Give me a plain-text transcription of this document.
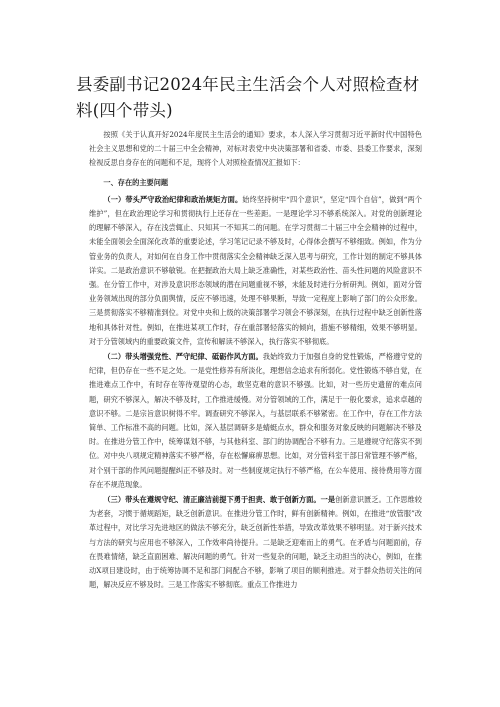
县委副书记2024年民主生活会个人对照检查材料(四个带头)

按照《关于认真开好2024年度民主生活会的通知》要求，本人深入学习贯彻习近平新时代中国特色社会主义思想和党的二十届三中全会精神，对标对表党中央决策部署和省委、市委、县委工作要求，深刻检视反思自身存在的问题和不足，现将个人对照检查情况汇报如下：

一、存在的主要问题

（一）带头严守政治纪律和政治规矩方面。始终坚持树牢“四个意识”，坚定“四个自信”，做到“两个维护”，但在政治理论学习和贯彻执行上还存在一些差距。一是理论学习不够系统深入。对党的创新理论的理解不够深入，存在浅尝辄止、只知其一不知其二的问题。在学习贯彻二十届三中全会精神的过程中，未能全面领会全面深化改革的重要论述，学习笔记记录不够及时，心得体会撰写不够细致。例如，作为分管业务的负责人，对如何在自身工作中贯彻落实全会精神缺乏深入思考与研究，工作计划的制定不够具体详实。二是政治意识不够敏锐。在把握政治大局上缺乏准确性，对某些政治性、苗头性问题的风险意识不强。在分管工作中，对涉及意识形态领域的潜在问题重视不够，未能及时进行分析研判。例如，面对分管业务领域出现的部分负面舆情，反应不够迅速，处理不够果断，导致一定程度上影响了部门的公众形象。三是贯彻落实不够精准到位。对党中央和上级的决策部署学习领会不够深刻，在执行过程中缺乏创新性落地和具体针对性。例如，在推进某项工作时，存在重部署轻落实的倾向，措施不够精细，效果不够明显。对于分管领域内的重要政策文件，宣传和解读不够深入，执行落实不够彻底。

（二）带头增强党性、严守纪律、砥砺作风方面。我始终致力于加强自身的党性锻炼，严格遵守党的纪律，但仍存在一些不足之处。一是党性修养有所淡化，理想信念追求有所弱化。党性锻炼不够自觉，在推进难点工作中，有时存在等待观望的心态，敢坚克难的意识不够强。比如，对一些历史遗留的难点问题，研究不够深入，解决不够及时，工作推进缓慢。对分管领域的工作，满足于一般化要求，追求卓越的意识不够。二是宗旨意识树得不牢。调查研究不够深入，与基层联系不够紧密。在工作中，存在工作方法简单、工作标准不高的问题。比如，深入基层调研多是蜻蜓点水，群众和服务对象反映的问题解决不够及时。在推进分管工作中，统筹谋划不够，与其他科室、部门的协调配合不够有力。三是遵规守纪落实不到位。对中央八项规定精神落实不够严格，存在松懈麻痹思想。比如，对分管科室干部日常管理不够严格，对个别干部的作风问题提醒纠正不够及时。对一些制度规定执行不够严格，在公车使用、接待费用等方面存在不规范现象。

（三）带头在遵规守纪、清正廉洁前提下勇于担责、敢于创新方面。一是创新意识匮乏。工作思维较为老套，习惯于循规蹈矩，缺乏创新意识。在推进分管工作时，鲜有创新精神。例如，在推进“放管服”改革过程中，对比学习先进地区的做法不够充分，缺乏创新性举措，导致改革效果不够明显。对于新兴技术与方法的研究与应用也不够深入，工作效率尚待提升。二是缺乏迎难而上的勇气。在矛盾与问题面前，存在畏难情绪，缺乏直面困难、解决问题的勇气。针对一些复杂的问题，缺乏主动担当的决心，例如，在推动X项目建设时，由于统筹协调不足和部门间配合不够，影响了项目的顺利推进。对于群众热切关注的问题，解决反应不够及时。三是工作落实不够彻底。重点工作推进力
